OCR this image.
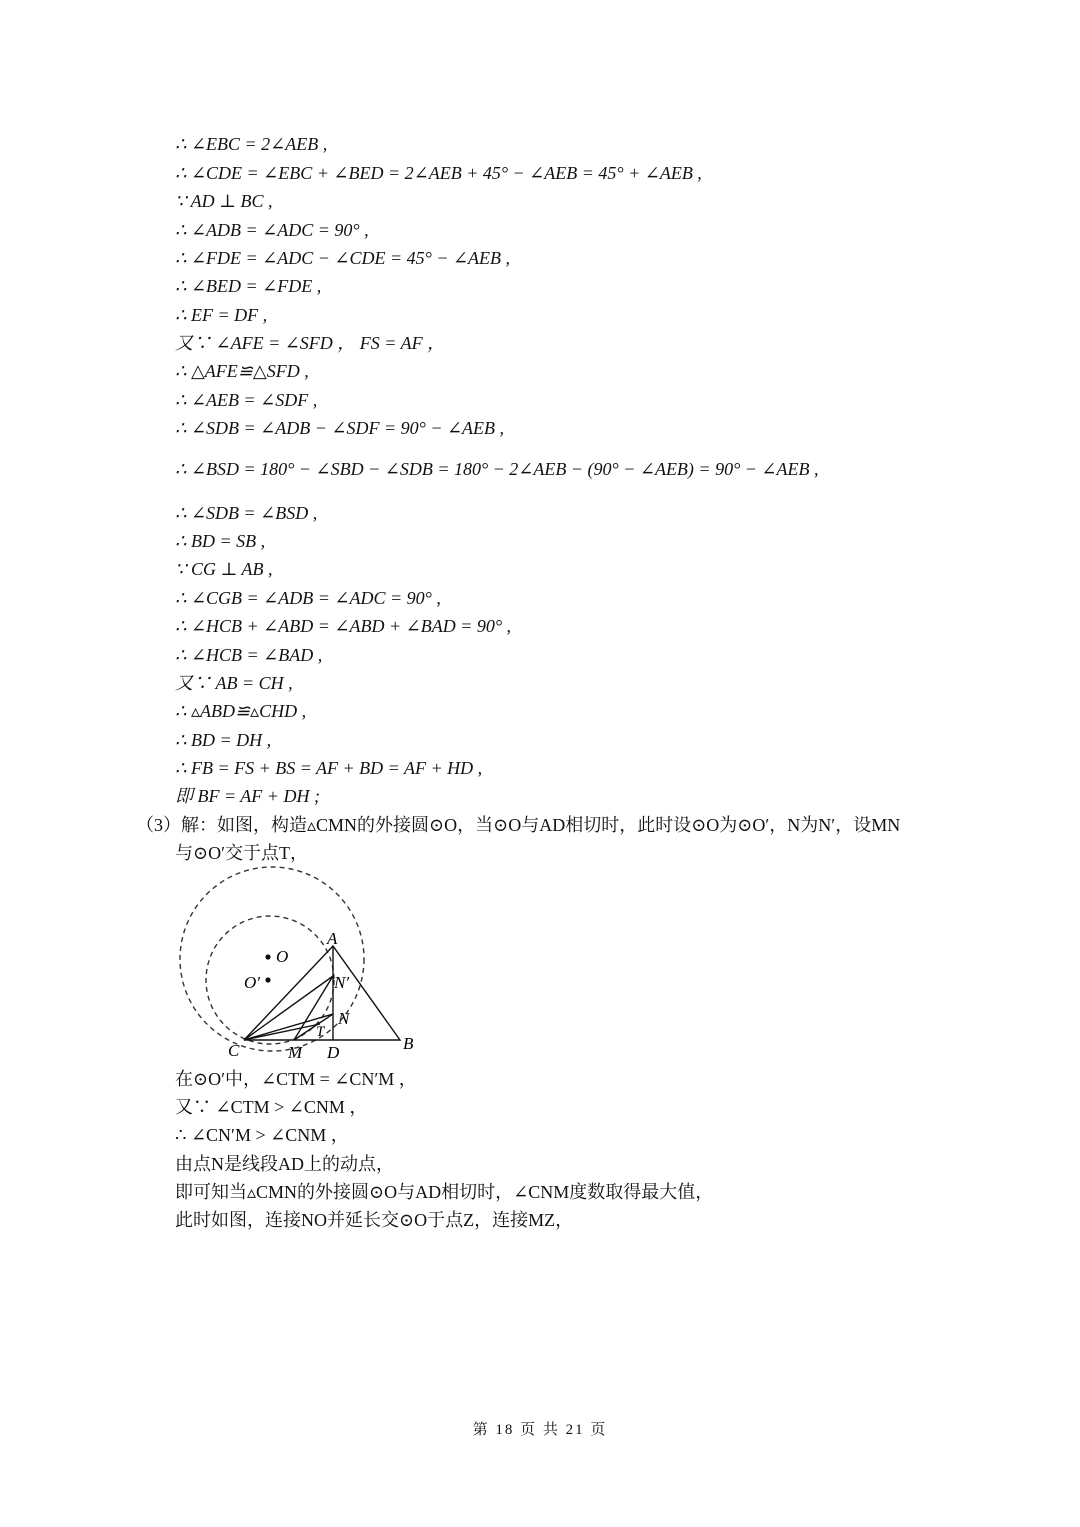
∴ ∠EBC = 2∠AEB ,
∴ ∠CDE = ∠EBC + ∠BED = 2∠AEB + 45° − ∠AEB = 45° + ∠AEB ,
∵ AD ⊥ BC ,
∴ ∠ADB = ∠ADC = 90° ,
∴ ∠FDE = ∠ADC − ∠CDE = 45° − ∠AEB ,
∴ ∠BED = ∠FDE ,
∴ EF = DF ,
又∵ ∠AFE = ∠SFD ， FS = AF ，
∴ △AFE≌△SFD ,
∴ ∠AEB = ∠SDF ,
∴ ∠SDB = ∠ADB − ∠SDF = 90° − ∠AEB ,
∴ ∠BSD = 180° − ∠SBD − ∠SDB = 180° − 2∠AEB − (90° − ∠AEB) = 90° − ∠AEB ,
∴ ∠SDB = ∠BSD ,
∴ BD = SB ,
∵ CG ⊥ AB ,
∴ ∠CGB = ∠ADB = ∠ADC = 90° ,
∴ ∠HCB + ∠ABD = ∠ABD + ∠BAD = 90° ,
∴ ∠HCB = ∠BAD ,
又∵ AB = CH ,
∴ ▵ABD≌▵CHD ,
∴ BD = DH ,
∴ FB = FS + BS = AF + BD = AF + HD ,
即 BF = AF + DH ;
（3）解：如图，构造▵CMN的外接圆⊙O，当⊙O与AD相切时，此时设⊙O为⊙O′，N为N′，设MN
与⊙O′交于点T，
O
O′
A
N′
N
T
C	M D	B
在⊙O′中，∠CTM = ∠CN′M ，
又∵ ∠CTM > ∠CNM ，
∴ ∠CN′M > ∠CNM ，
由点N是线段AD上的动点，
即可知当▵CMN的外接圆⊙O与AD相切时，∠CNM度数取得最大值，
此时如图，连接NO并延长交⊙O于点Z，连接MZ，
第 18 页 共 21 页
